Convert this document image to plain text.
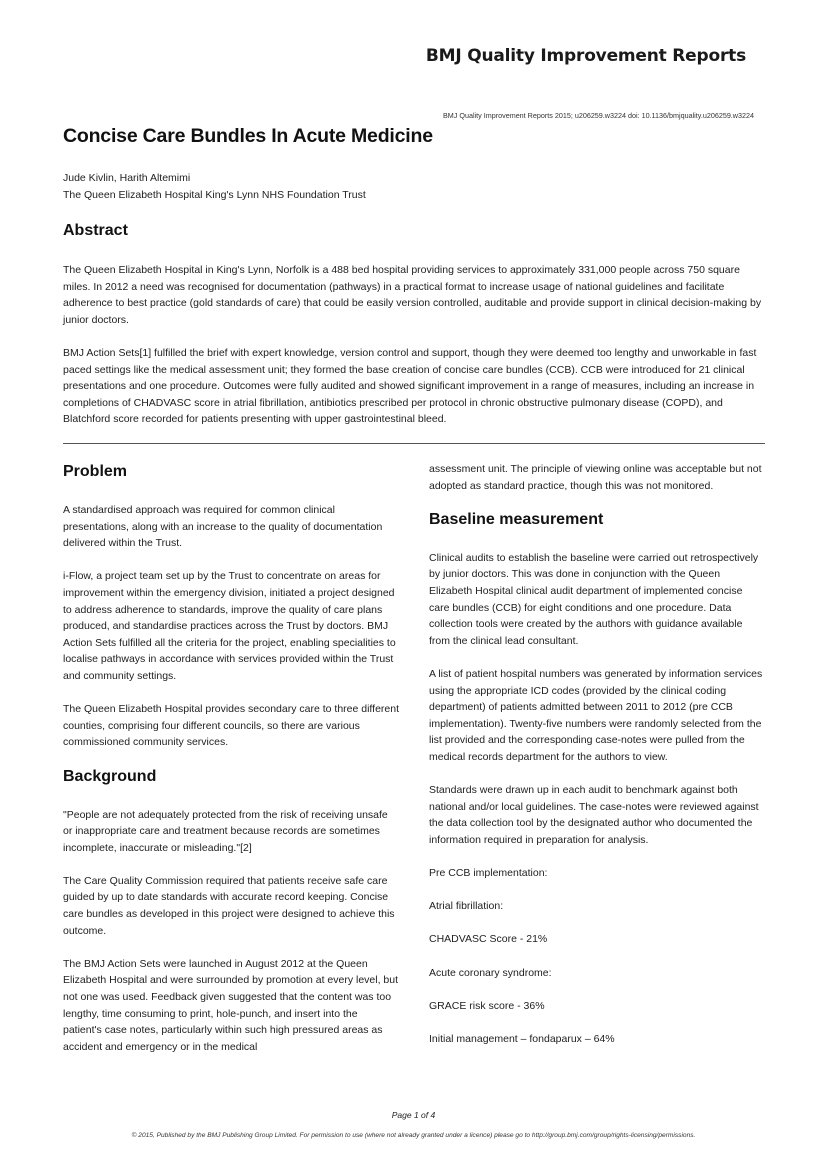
BMJ Quality Improvement Reports
BMJ Quality Improvement Reports 2015; u206259.w3224 doi: 10.1136/bmjquality.u206259.w3224
Concise Care Bundles In Acute Medicine
Jude Kivlin, Harith Altemimi
The Queen Elizabeth Hospital King's Lynn NHS Foundation Trust
Abstract

The Queen Elizabeth Hospital in King's Lynn, Norfolk is a 488 bed hospital providing services to approximately 331,000 people across 750 square miles. In 2012 a need was recognised for documentation (pathways) in a practical format to increase usage of national guidelines and facilitate adherence to best practice (gold standards of care) that could be easily version controlled, auditable and provide support in clinical decision-making by junior doctors.

BMJ Action Sets[1] fulfilled the brief with expert knowledge, version control and support, though they were deemed too lengthy and unworkable in fast paced settings like the medical assessment unit; they formed the base creation of concise care bundles (CCB). CCB were introduced for 21 clinical presentations and one procedure. Outcomes were fully audited and showed significant improvement in a range of measures, including an increase in completions of CHADVASC score in atrial fibrillation, antibiotics prescribed per protocol in chronic obstructive pulmonary disease (COPD), and Blatchford score recorded for patients presenting with upper gastrointestinal bleed.

Problem

A standardised approach was required for common clinical presentations, along with an increase to the quality of documentation delivered within the Trust.

i-Flow, a project team set up by the Trust to concentrate on areas for improvement within the emergency division, initiated a project designed to address adherence to standards, improve the quality of care plans produced, and standardise practices across the Trust by doctors. BMJ Action Sets fulfilled all the criteria for the project, enabling specialities to localise pathways in accordance with services provided within the Trust and community settings.

The Queen Elizabeth Hospital provides secondary care to three different counties, comprising four different councils, so there are various commissioned community services.

Background

"People are not adequately protected from the risk of receiving unsafe or inappropriate care and treatment because records are sometimes incomplete, inaccurate or misleading."[2]

The Care Quality Commission required that patients receive safe care guided by up to date standards with accurate record keeping. Concise care bundles as developed in this project were designed to achieve this outcome.

The BMJ Action Sets were launched in August 2012 at the Queen Elizabeth Hospital and were surrounded by promotion at every level, but not one was used. Feedback given suggested that the content was too lengthy, time consuming to print, hole-punch, and insert into the patient's case notes, particularly within such high pressured areas as accident and emergency or in the medical

assessment unit. The principle of viewing online was acceptable but not adopted as standard practice, though this was not monitored.

Baseline measurement

Clinical audits to establish the baseline were carried out retrospectively by junior doctors. This was done in conjunction with the Queen Elizabeth Hospital clinical audit department of implemented concise care bundles (CCB) for eight conditions and one procedure. Data collection tools were created by the authors with guidance available from the clinical lead consultant.

A list of patient hospital numbers was generated by information services using the appropriate ICD codes (provided by the clinical coding department) of patients admitted between 2011 to 2012 (pre CCB implementation). Twenty-five numbers were randomly selected from the list provided and the corresponding case-notes were pulled from the medical records department for the authors to view.

Standards were drawn up in each audit to benchmark against both national and/or local guidelines. The case-notes were reviewed against the data collection tool by the designated author who documented the information required in preparation for analysis.

Pre CCB implementation:

Atrial fibrillation:

CHADVASC Score - 21%

Acute coronary syndrome:

GRACE risk score - 36%

Initial management – fondaparux – 64%

Page 1 of 4
© 2015, Published by the BMJ Publishing Group Limited. For permission to use (where not already granted under a licence) please go to http://group.bmj.com/group/rights-licensing/permissions.
